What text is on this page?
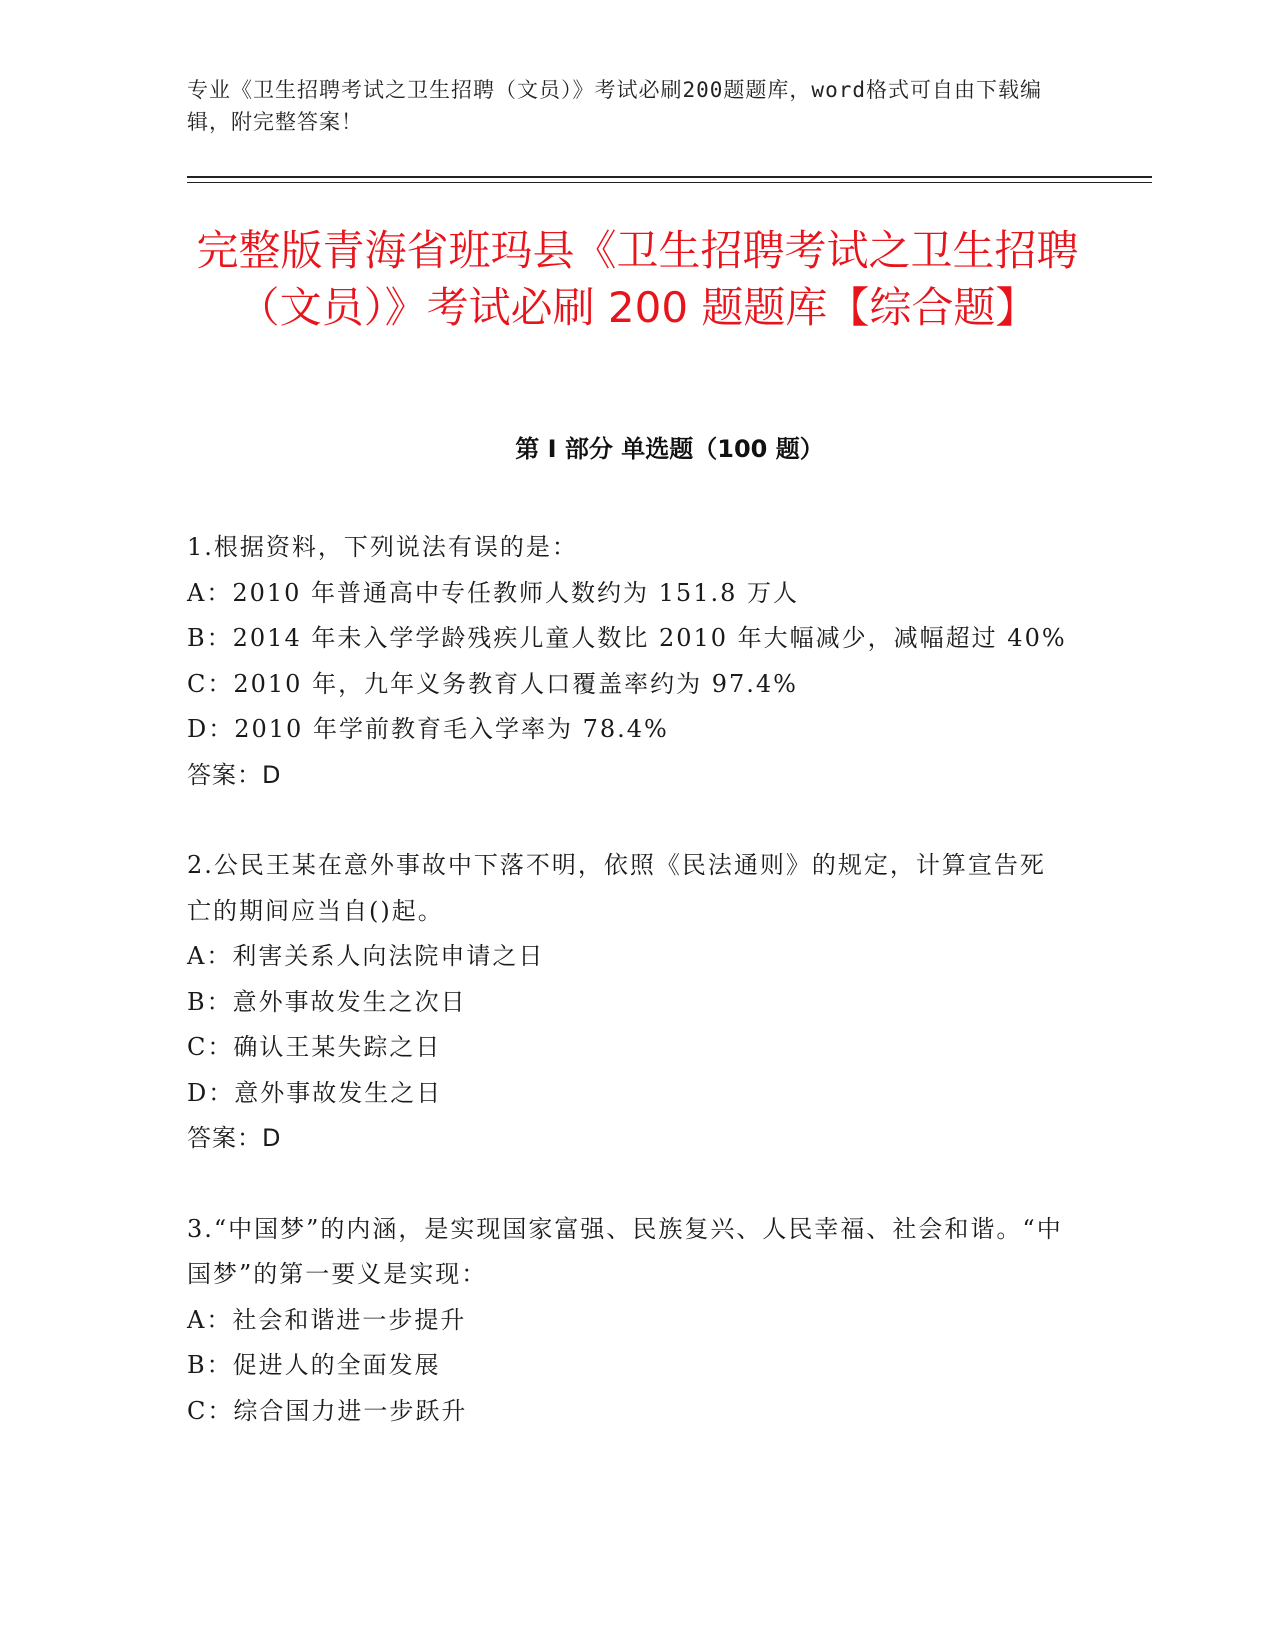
专业《卫生招聘考试之卫生招聘（文员）》考试必刷200题题库，word格式可自由下载编辑，附完整答案！
完整版青海省班玛县《卫生招聘考试之卫生招聘（文员）》考试必刷 200 题题库【综合题】
第 I 部分 单选题（100 题）
1.根据资料，下列说法有误的是：
A：2010 年普通高中专任教师人数约为 151.8 万人
B：2014 年未入学学龄残疾儿童人数比 2010 年大幅减少，减幅超过 40%
C：2010 年，九年义务教育人口覆盖率约为 97.4%
D：2010 年学前教育毛入学率为 78.4%
答案：D
2.公民王某在意外事故中下落不明，依照《民法通则》的规定，计算宣告死亡的期间应当自()起。
A：利害关系人向法院申请之日
B：意外事故发生之次日
C：确认王某失踪之日
D：意外事故发生之日
答案：D
3.“中国梦”的内涵，是实现国家富强、民族复兴、人民幸福、社会和谐。“中国梦”的第一要义是实现：
A：社会和谐进一步提升
B：促进人的全面发展
C：综合国力进一步跃升
